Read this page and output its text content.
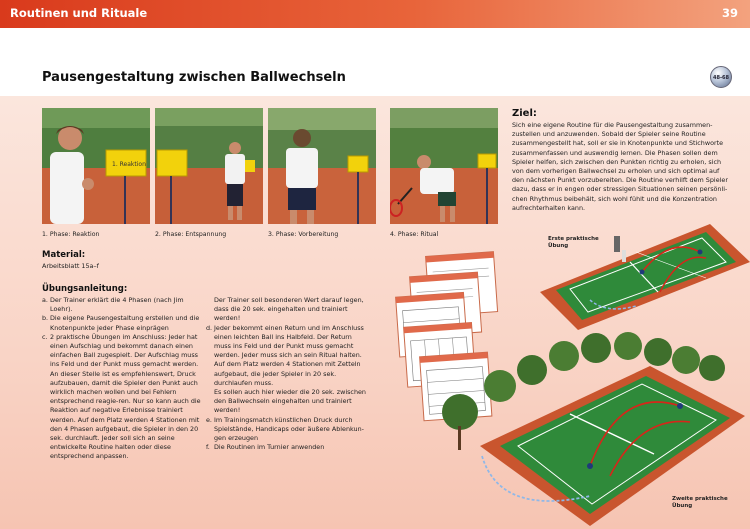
Routinen und Rituale	39
Pausengestaltung zwischen Ballwechseln	48-68
1. Reaktion
1. Phase: Reaktion	2. Phase: Entspannung	3. Phase: Vorbereitung	4. Phase: Ritual
Ziel:
Sich eine eigene Routine für die Pausengestaltung zusammen-zustellen und anzuwenden. Sobald der Spieler seine Routine zusammengestellt hat, soll er sie in Knotenpunkte und Stichworte zusammenfassen und auswendig lernen. Die Phasen sollen dem Spieler helfen, sich zwischen den Punkten richtig zu erholen, sich von dem vorherigen Ballwechsel zu erholen und sich optimal auf den nächsten Punkt vorzubereiten. Die Routine verhilft dem Spieler dazu, dass er in engen oder stressigen Situationen seinen persönli-chen Rhythmus beibehält, sich wohl fühlt und die Konzentration aufrechterhalten kann.
Material:
Arbeitsblatt 15a–f
Übungsanleitung:
a. Der Trainer erklärt die 4 Phasen (nach Jim Loehr).
b. Die eigene Pausengestaltung erstellen und die Knotenpunkte jeder Phase einprägen
c. 2 praktische Übungen im Anschluss: Jeder hat einen Aufschlag und bekommt danach einen einfachen Ball zugespielt. Der Aufschlag muss ins Feld und der Punkt muss gemacht werden. An dieser Stelle ist es empfehlenswert, Druck aufzubauen, damit die Spieler den Punkt auch wirklich machen wollen und bei Fehlern entsprechend reagie-ren. Nur so kann auch die Reaktion auf negative Erlebnisse trainiert werden. Auf dem Platz werden 4 Stationen mit den 4 Phasen aufgebaut, die Spieler in den 20 sek. durchlauft. Jeder soll sich an seine entwickelte Routine halten oder diese entsprechend anpassen.
Der Trainer soll besonderen Wert darauf legen, dass die 20 sek. eingehalten und trainiert werden!
d. Jeder bekommt einen Return und im Anschluss einen leichten Ball ins Halbfeld. Der Return muss ins Feld und der Punkt muss gemacht werden. Jeder muss sich an sein Ritual halten. Auf dem Platz werden 4 Stationen mit Zetteln aufgebaut, die jeder Spieler in 20 sek. durchlaufen muss.
Es sollen auch hier wieder die 20 sek. zwischen den Ballwechseln eingehalten und trainiert werden!
e. Im Trainingsmatch künstlichen Druck durch Spielstände, Handicaps oder äußere Ablenkun-gen erzeugen
f. Die Routinen im Turnier anwenden
Erste praktische Übung
Zweite praktische Übung
